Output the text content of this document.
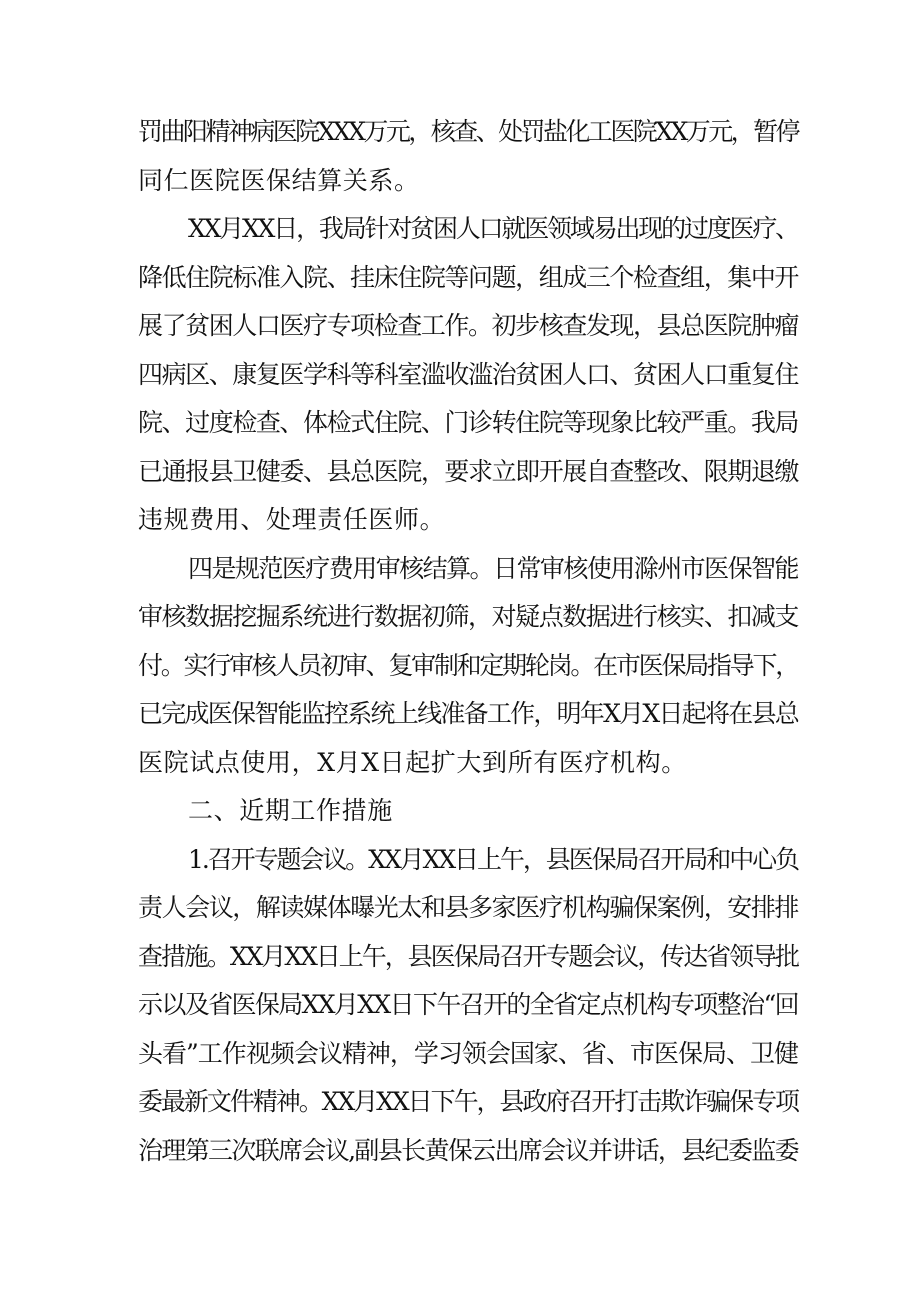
罚曲阳精神病医院XXX万元，核查、处罚盐化工医院XX万元，暂停
同仁医院医保结算关系。
XX月XX日，我局针对贫困人口就医领域易出现的过度医疗、
降低住院标准入院、挂床住院等问题，组成三个检查组，集中开
展了贫困人口医疗专项检查工作。初步核查发现，县总医院肿瘤
四病区、康复医学科等科室滥收滥治贫困人口、贫困人口重复住
院、过度检查、体检式住院、门诊转住院等现象比较严重。我局
已通报县卫健委、县总医院，要求立即开展自查整改、限期退缴
违规费用、处理责任医师。
四是规范医疗费用审核结算。日常审核使用滁州市医保智能
审核数据挖掘系统进行数据初筛，对疑点数据进行核实、扣减支
付。实行审核人员初审、复审制和定期轮岗。在市医保局指导下，
已完成医保智能监控系统上线准备工作，明年X月X日起将在县总
医院试点使用，X月X日起扩大到所有医疗机构。
二、近期工作措施
1.召开专题会议。XX月XX日上午，县医保局召开局和中心负
责人会议，解读媒体曝光太和县多家医疗机构骗保案例，安排排
查措施。XX月XX日上午，县医保局召开专题会议，传达省领导批
示以及省医保局XX月XX日下午召开的全省定点机构专项整治“回
头看”工作视频会议精神，学习领会国家、省、市医保局、卫健
委最新文件精神。XX月XX日下午，县政府召开打击欺诈骗保专项
治理第三次联席会议,副县长黄保云出席会议并讲话，县纪委监委
